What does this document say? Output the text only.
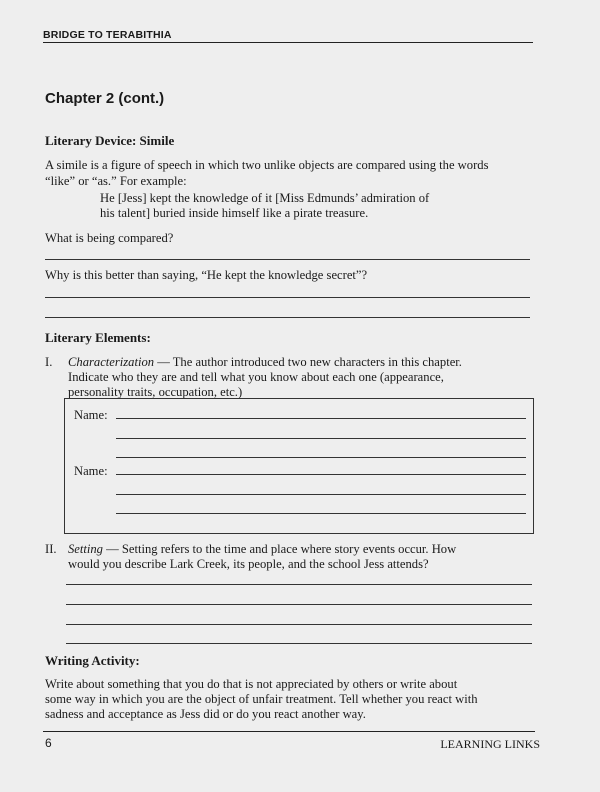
BRIDGE TO TERABITHIA
Chapter 2 (cont.)
Literary Device: Simile
A simile is a figure of speech in which two unlike objects are compared using the words
“like” or “as.” For example:
He [Jess] kept the knowledge of it [Miss Edmunds’ admiration of
his talent] buried inside himself like a pirate treasure.
What is being compared?
Why is this better than saying, “He kept the knowledge secret”?
Literary Elements:
I. Characterization — The author introduced two new characters in this chapter.
Indicate who they are and tell what you know about each one (appearance,
personality traits, occupation, etc.)
Name:
Name:
II. Setting — Setting refers to the time and place where story events occur. How
would you describe Lark Creek, its people, and the school Jess attends?
Writing Activity:
Write about something that you do that is not appreciated by others or write about
some way in which you are the object of unfair treatment. Tell whether you react with
sadness and acceptance as Jess did or do you react another way.
6	LEARNING LINKS
